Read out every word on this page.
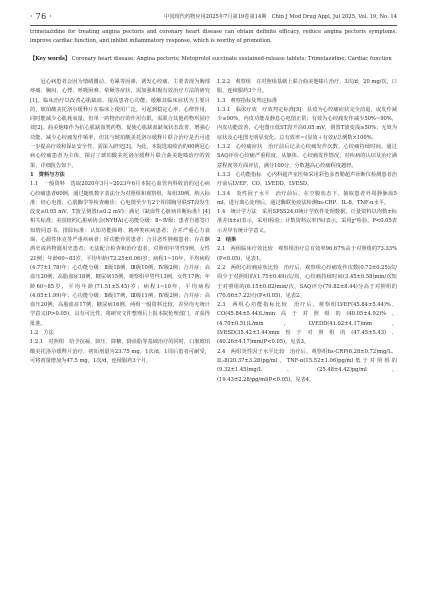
· 76 ·	中国现代药物应用2025年7月第19卷第14期　Chin J Mod Drug Appl, Jul 2025, Vol. 19, No. 14
trimetazidine for treating angina pectoris and coronary heart disease can obtain definite efficacy, reduce angina pectoris symptoms, improve cardiac function, and inhibit inflammatory response, which is worthy of promotion.
【Key words】 Coronary heart disease; Angina pectoris; Metoprolol succinate sustained-release tablets; Trimetazidine; Cardiac function

冠心病患者会因为情绪激动、劳累等因素，诱发心绞痛，主要表现为胸部疼痛、胸闷、心悸、呼吸困难、晕厥等症状，需加强积极有效治疗方法的研究[1]。临床治疗以改善心肌缺血、提高患者心功能，缓解其临床症状为主要目的，琥珀酸美托洛尔缓释片在临床上使用广泛，可起到稳定心率、心律作用，同时能减少心肌耗氧量，但单一药物治疗的作用有限，需联合其他药物巩固疗效[2]。曲美他嗪作为抗心肌缺血类药物，促使心肌缺血缺氧状态改善，增强心功能，减少心绞痛发作频率，但其与琥珀酸美托洛尔缓释片联合治疗是否可进一步提高疗效和保证安全性，需深入研究[3]。为此，本院选取收治的60例冠心病心绞痛患者为主体，探讨了琥珀酸美托洛尔缓释片联合曲美他嗪治疗的效果，详细报告如下。

1　资料与方法

1.1　一般资料　选取2020年3月~2023年6月本院心血管内科收治的冠心病心绞痛患者60例，通过随机数字表法分为对照组和观察组，每组30例。纳入标准：经心电图、心肌酶学等检查确诊；心电图至少有2个相邻胸导联ST段发生改变≥0.05 mV，T波呈倒置(≥0.2 mV)；满足《缺血性心脏病诊断标准》[4]相关标准；美国纽约心脏病协会(NYHA)心功能分级：Ⅱ~Ⅳ级；患者自愿签订知情同意书。排除标准：认知功能障碍、精神类疾病患者；合并严重心力衰竭、心源性休克等严重疾病者；肝功能异常患者；合并恶性肿瘤患者；存在酗酒史或药物滥用史患者；无法配合检查和治疗患者。对照组中男性9例，女性21例；年龄60~83岁，平均年龄(72.25±6.06)岁；病程1~10年，平均病程(4.77±1.78)年；心功能分级：Ⅱ级18例，Ⅲ级10例，Ⅳ级2例；合并症：高血压20例，高脂血症18例，糖尿病15例。观察组中男性13例，女性17例；年龄60~85岁，平均年龄(71.51±5.45)岁；病程1~10年，平均病程(4.05±1.99)年；心功能分级：Ⅱ级17例，Ⅲ级11例，Ⅳ级2例；合并症：高血压20例，高脂血症17例，糖尿病16例。两组一般资料比较，差异均无统计学意义(P>0.05)，具有可比性。将研究文件整理后上报本院伦理部门，并获得批准。

1.2　方法

1.2.1　对照组　给予抗凝、降压、降糖、降血脂等基础治疗的同时，口服琥珀酸美托洛尔缓释片治疗，初始剂量为23.75 mg，1次/d，1周后患者可耐受，可将剂量增加为47.5 mg，1次/d，连续服药3个月。

1.2.2　观察组　在对照组基础上联合曲美他嗪片治疗，3次/d，20 mg/次，口服，连续服药3个月。

1.3　观察指标及判定标准

1.3.1　临床疗效　疗效判定标准[5]：显效为心绞痛症状完全消退，或发作减少≥90%，内皮功能及静息心电图正常；有效为心绞痛发作减少50%~90%，内皮功能改善，心电图压低ST段升高0.05 mV，倒置T波变浅≥50%；无效为症状及心电图无明显变化。总有效率＝(显效＋有效)/总例数×100%。

1.3.2　心绞痛症状　治疗前后记录心绞痛发作次数、心绞痛持续时间。通过SAQ评价心绞痛严重程度，从躯体、心绞痛发作情况、对疾病的认识及治疗满意程度等方面评估，满分100分，分数越高心绞痛程度越轻。

1.3.3　心功能指标　心内科超声室医师采用彩色多普勒超声诊断仪检测患者治疗前后LVEF、CO、LVEDD、LVESD。

1.3.4　炎性因子水平　治疗前后，在空腹状态下，抽取患者外周静脉血5 ml，进行离心处理后，通过酶联免疫法检测hs-CRP、IL-8、TNF-α水平。

1.4　统计学方法　采用SPSS24.0统计学软件处理数据。计量资料以均数±标准差(x̄±s)表示，采用t检验；计数资料以率(%)表示，采用χ²检验。P<0.05表示差异有统计学意义。

2　结果

2.1　两组临床疗效比较　观察组治疗总有效率96.67%高于对照组的73.33%(P<0.05)，见表1。

2.2　两组心绞痛症状比较　治疗后，观察组心绞痛发作次数(0.72±0.25)次/周少于对照组的(1.75±0.49)次/周，心绞痛持续时间(3.45±0.58)min/次短于对照组的(6.15±0.82)min/次，SAQ评分(79.82±8.44)分高于对照组的(70.06±7.22)分(P<0.05)。见表2。

2.3　两组心功能指标比较　治疗后，观察组LVEF(45.84±5.44)%、CO(45.84±5.44)L/min高于对照组的(40.05±4.92)%、(4.70±0.51)L/min，LVEDD(41.02±4.17)mm、LVESD(35.42±3.44)mm短于对照组的(47.45±5.43)、(40.26±4.17)mm(P<0.05)。见表3。

2.4　两组炎性因子水平比较　治疗后，观察组hs-CRP(6.28±0.72)mg/L、IL-8(20.37±3.28)pg/ml、TNF-α(15.52±1.06)pg/ml低于对照组的(9.32±1.45)mg/L、(25.48±4.42)pg/ml、(19.43±2.28)pg/ml(P<0.05)。见表4。
